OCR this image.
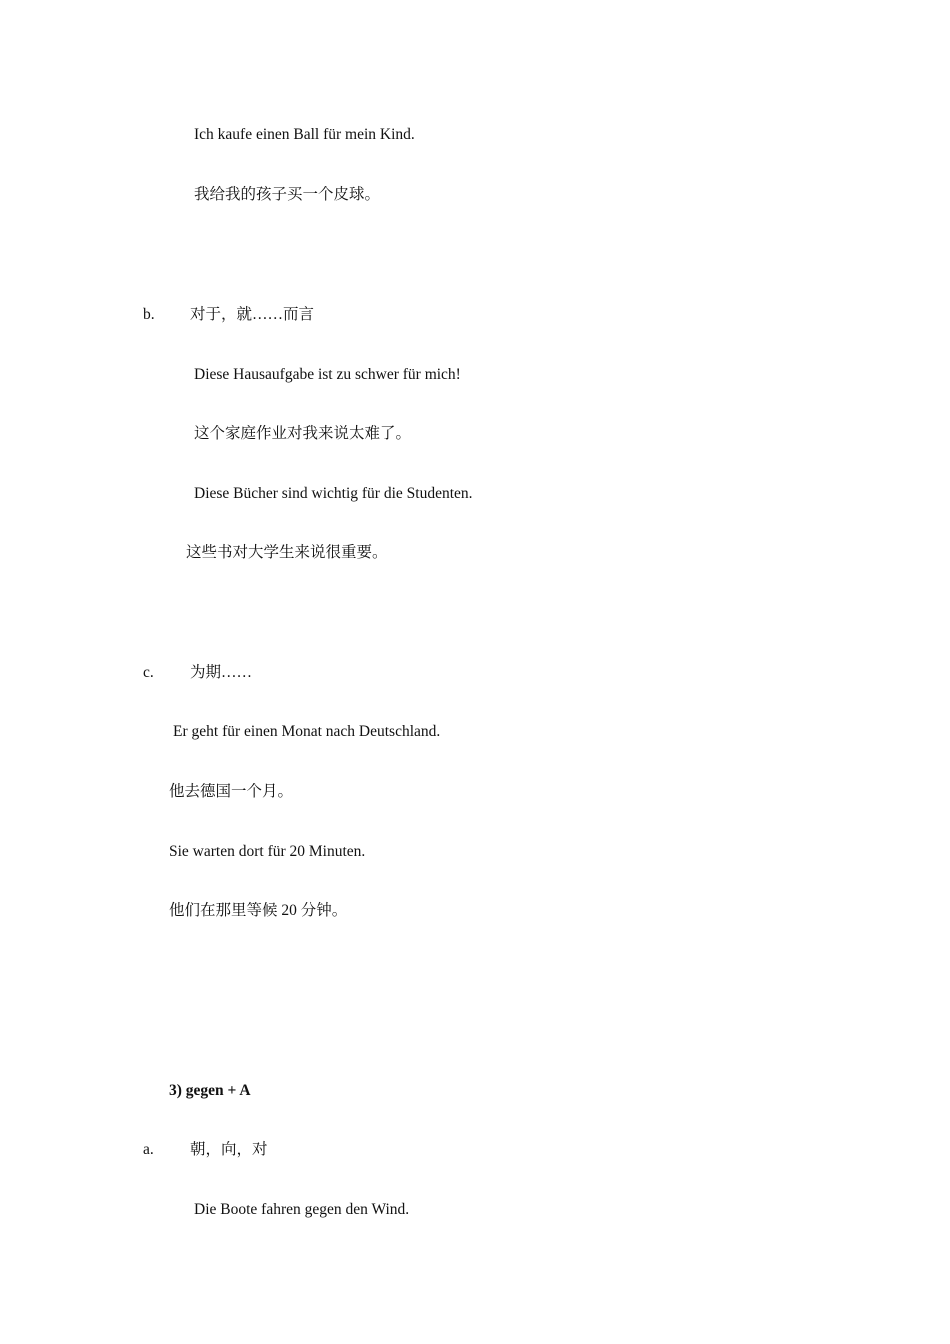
Ich kaufe einen Ball für mein Kind.
我给我的孩子买一个皮球。
b. 对于，就……而言
Diese Hausaufgabe ist zu schwer für mich!
这个家庭作业对我来说太难了。
Diese Bücher sind wichtig für die Studenten.
这些书对大学生来说很重要。
c. 为期……
Er geht für einen Monat nach Deutschland.
他去德国一个月。
Sie warten dort für 20 Minuten.
他们在那里等候 20 分钟。
3) gegen + A
a. 朝，向，对
Die Boote fahren gegen den Wind.
